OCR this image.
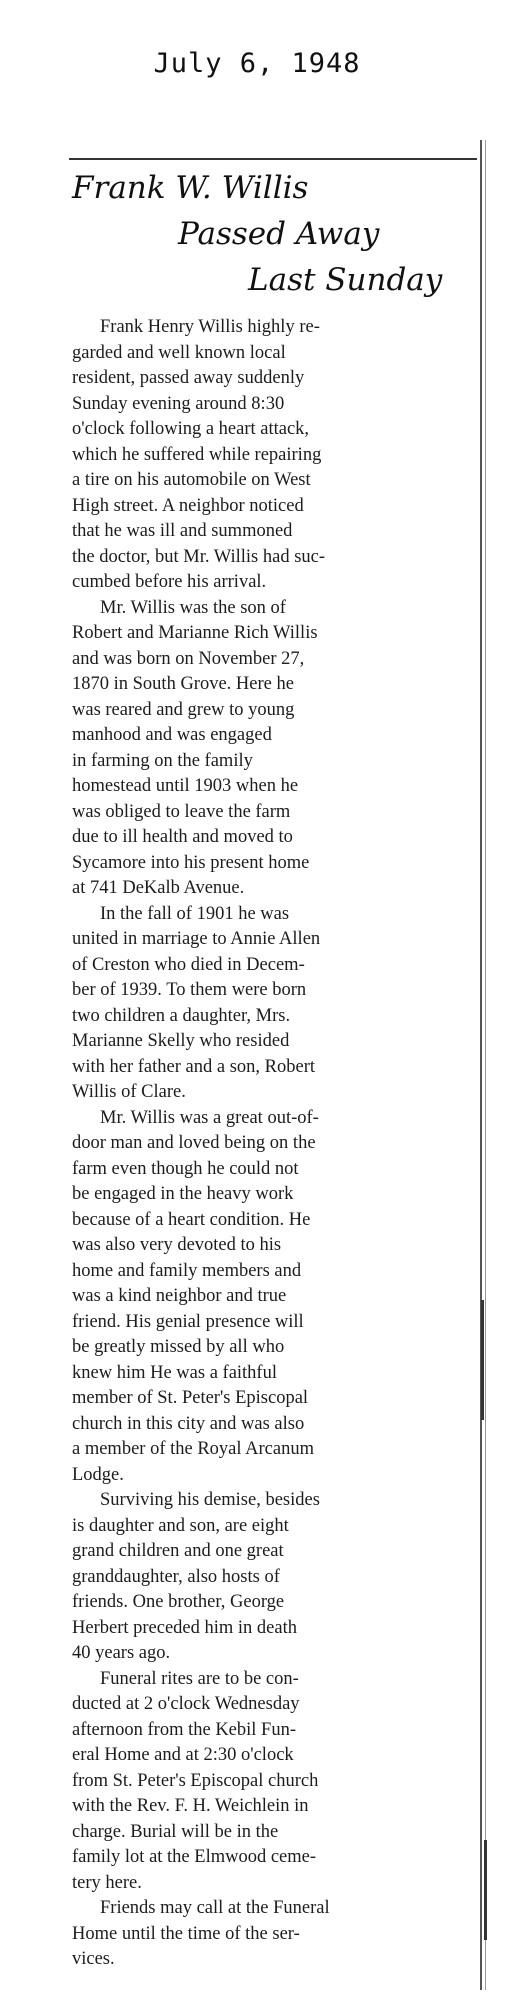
July 6, 1948
Frank W. Willis
Passed Away
Last Sunday

Frank Henry Willis highly re-
garded and well known local
resident, passed away suddenly
Sunday evening around 8:30
o'clock following a heart attack,
which he suffered while repairing
a tire on his automobile on West
High street. A neighbor noticed
that he was ill and summoned
the doctor, but Mr. Willis had suc-
cumbed before his arrival.

Mr. Willis was the son of
Robert and Marianne Rich Willis
and was born on November 27,
1870 in South Grove. Here he
was reared and grew to young
manhood and was engaged
in farming on the family
homestead until 1903 when he
was obliged to leave the farm
due to ill health and moved to
Sycamore into his present home
at 741 DeKalb Avenue.

In the fall of 1901 he was
united in marriage to Annie Allen
of Creston who died in Decem-
ber of 1939. To them were born
two children a daughter, Mrs.
Marianne Skelly who resided
with her father and a son, Robert
Willis of Clare.

Mr. Willis was a great out-of-
door man and loved being on the
farm even though he could not
be engaged in the heavy work
because of a heart condition. He
was also very devoted to his
home and family members and
was a kind neighbor and true
friend. His genial presence will
be greatly missed by all who
knew him He was a faithful
member of St. Peter's Episcopal
church in this city and was also
a member of the Royal Arcanum
Lodge.

Surviving his demise, besides
is daughter and son, are eight
grand children and one great
granddaughter, also hosts of
friends. One brother, George
Herbert preceded him in death
40 years ago.

Funeral rites are to be con-
ducted at 2 o'clock Wednesday
afternoon from the Kebil Fun-
eral Home and at 2:30 o'clock
from St. Peter's Episcopal church
with the Rev. F. H. Weichlein in
charge. Burial will be in the
family lot at the Elmwood ceme-
tery here.

Friends may call at the Funeral
Home until the time of the ser-
vices.
